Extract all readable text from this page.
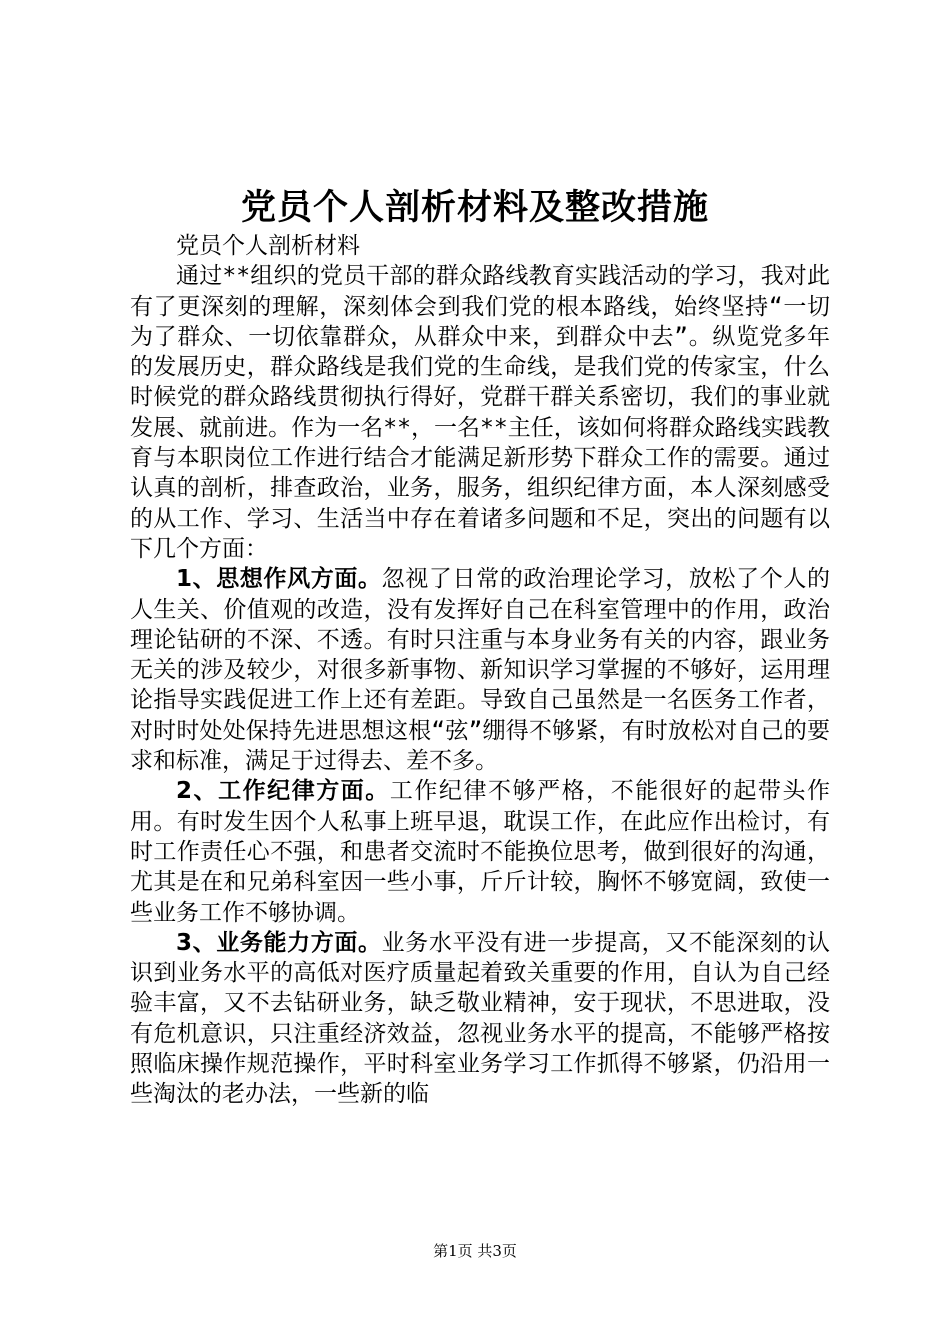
党员个人剖析材料及整改措施

党员个人剖析材料

通过**组织的党员干部的群众路线教育实践活动的学习，我对此有了更深刻的理解，深刻体会到我们党的根本路线，始终坚持“一切为了群众、一切依靠群众，从群众中来，到群众中去”。纵览党多年的发展历史，群众路线是我们党的生命线，是我们党的传家宝，什么时候党的群众路线贯彻执行得好，党群干群关系密切，我们的事业就发展、就前进。作为一名**，一名**主任，该如何将群众路线实践教育与本职岗位工作进行结合才能满足新形势下群众工作的需要。通过认真的剖析，排查政治，业务，服务，组织纪律方面，本人深刻感受的从工作、学习、生活当中存在着诸多问题和不足，突出的问题有以下几个方面：

1、思想作风方面。忽视了日常的政治理论学习，放松了个人的人生关、价值观的改造，没有发挥好自己在科室管理中的作用，政治理论钻研的不深、不透。有时只注重与本身业务有关的内容，跟业务无关的涉及较少，对很多新事物、新知识学习掌握的不够好，运用理论指导实践促进工作上还有差距。导致自己虽然是一名医务工作者，对时时处处保持先进思想这根“弦”绷得不够紧，有时放松对自己的要求和标准，满足于过得去、差不多。

2、工作纪律方面。工作纪律不够严格，不能很好的起带头作用。有时发生因个人私事上班早退，耽误工作，在此应作出检讨，有时工作责任心不强，和患者交流时不能换位思考，做到很好的沟通，尤其是在和兄弟科室因一些小事，斤斤计较，胸怀不够宽阔，致使一些业务工作不够协调。

3、业务能力方面。业务水平没有进一步提高，又不能深刻的认识到业务水平的高低对医疗质量起着致关重要的作用，自认为自己经验丰富，又不去钻研业务，缺乏敬业精神，安于现状，不思进取，没有危机意识，只注重经济效益，忽视业务水平的提高，不能够严格按照临床操作规范操作，平时科室业务学习工作抓得不够紧，仍沿用一些淘汰的老办法，一些新的临

第1页 共3页
